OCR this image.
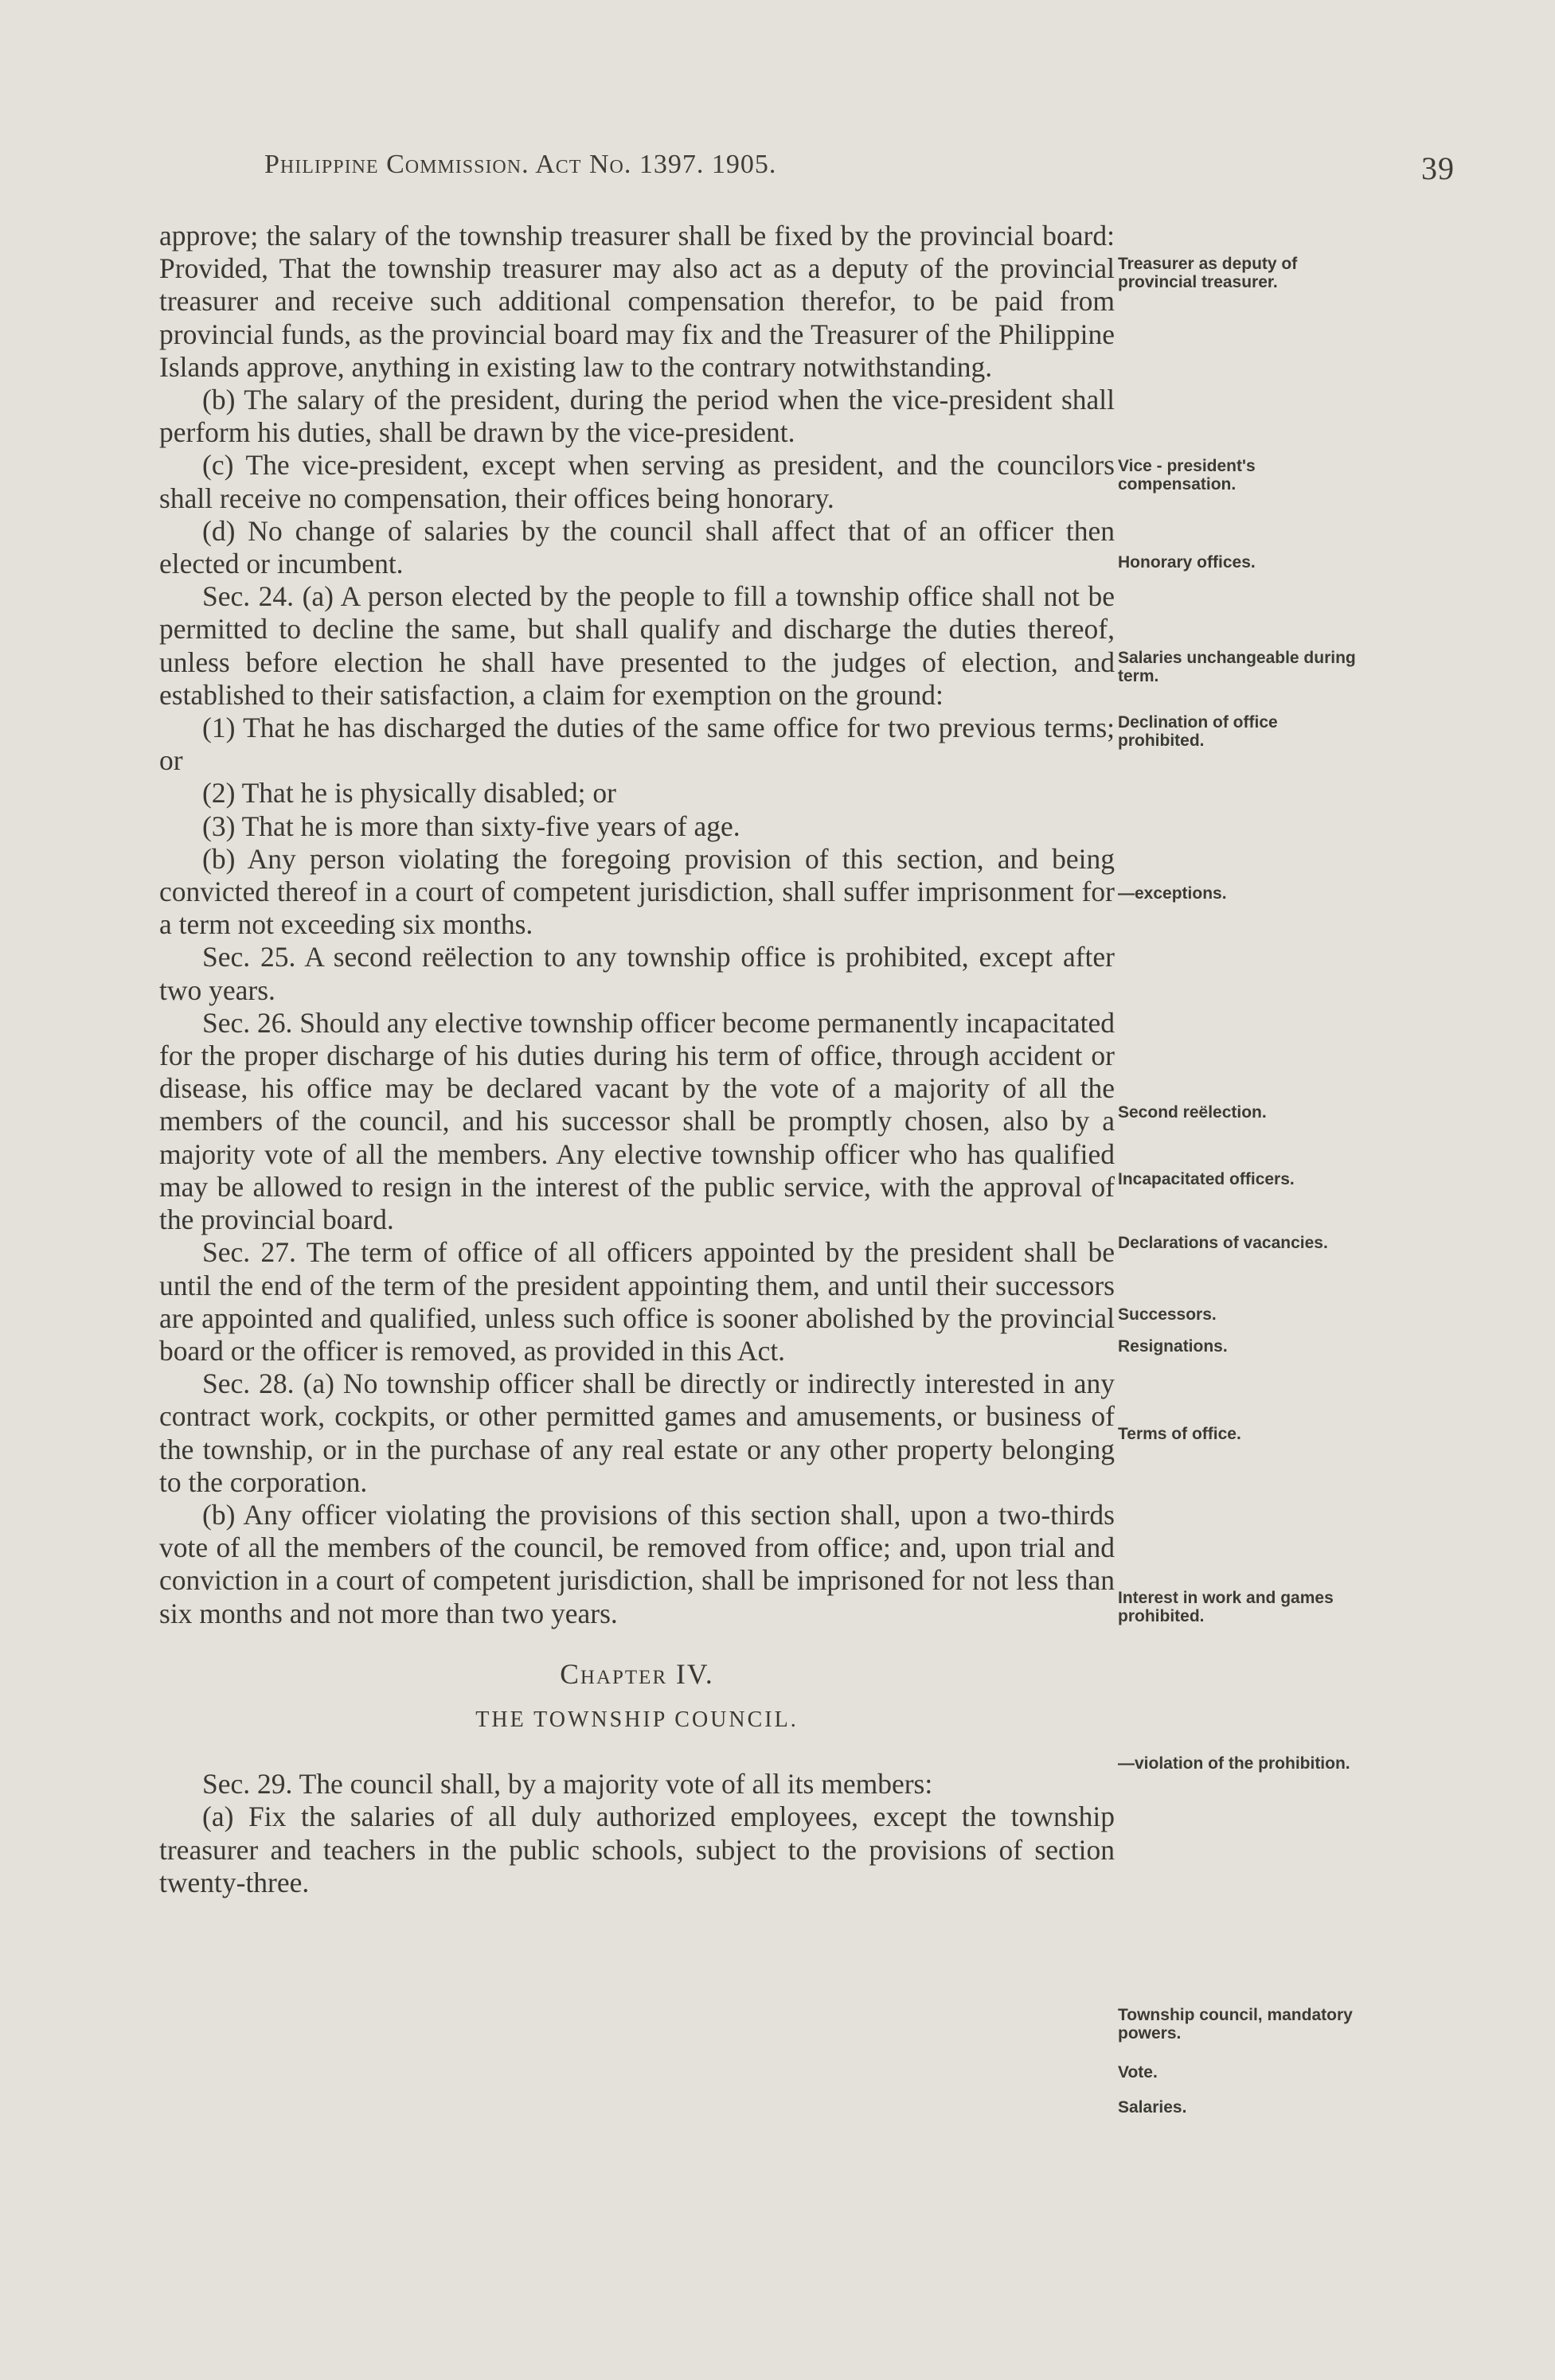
Philippine Commission. Act No. 1397. 1905.	39

approve; the salary of the township treasurer shall be fixed by the provincial board: Provided, That the township treasurer may also act as a deputy of the provincial treasurer and receive such additional compensation therefor, to be paid from provincial funds, as the provincial board may fix and the Treasurer of the Philippine Islands approve, anything in existing law to the contrary notwithstanding.

(b) The salary of the president, during the period when the vice-president shall perform his duties, shall be drawn by the vice-president.

(c) The vice-president, except when serving as president, and the councilors shall receive no compensation, their offices being honorary.

(d) No change of salaries by the council shall affect that of an officer then elected or incumbent.

Sec. 24. (a) A person elected by the people to fill a township office shall not be permitted to decline the same, but shall qualify and discharge the duties thereof, unless before election he shall have presented to the judges of election, and established to their satisfaction, a claim for exemption on the ground:

(1) That he has discharged the duties of the same office for two previous terms; or

(2) That he is physically disabled; or

(3) That he is more than sixty-five years of age.

(b) Any person violating the foregoing provision of this section, and being convicted thereof in a court of competent jurisdiction, shall suffer imprisonment for a term not exceeding six months.

Sec. 25. A second reëlection to any township office is prohibited, except after two years.

Sec. 26. Should any elective township officer become permanently incapacitated for the proper discharge of his duties during his term of office, through accident or disease, his office may be declared vacant by the vote of a majority of all the members of the council, and his successor shall be promptly chosen, also by a majority vote of all the members. Any elective township officer who has qualified may be allowed to resign in the interest of the public service, with the approval of the provincial board.

Sec. 27. The term of office of all officers appointed by the president shall be until the end of the term of the president appointing them, and until their successors are appointed and qualified, unless such office is sooner abolished by the provincial board or the officer is removed, as provided in this Act.

Sec. 28. (a) No township officer shall be directly or indirectly interested in any contract work, cockpits, or other permitted games and amusements, or business of the township, or in the purchase of any real estate or any other property belonging to the corporation.

(b) Any officer violating the provisions of this section shall, upon a two-thirds vote of all the members of the council, be removed from office; and, upon trial and conviction in a court of competent jurisdiction, shall be imprisoned for not less than six months and not more than two years.

Chapter IV.

THE TOWNSHIP COUNCIL.

Sec. 29. The council shall, by a majority vote of all its members:

(a) Fix the salaries of all duly authorized employees, except the township treasurer and teachers in the public schools, subject to the provisions of section twenty-three.

Treasurer as deputy of provincial treasurer.
Vice - president's compensation.
Honorary offices.
Salaries unchangeable during term.
Declination of office prohibited.
—exceptions.
Second reëlection.
Incapacitated officers.
Declarations of vacancies.
Successors.
Resignations.
Terms of office.
Interest in work and games prohibited.
—violation of the prohibition.
Township council, mandatory powers.
Vote.
Salaries.
